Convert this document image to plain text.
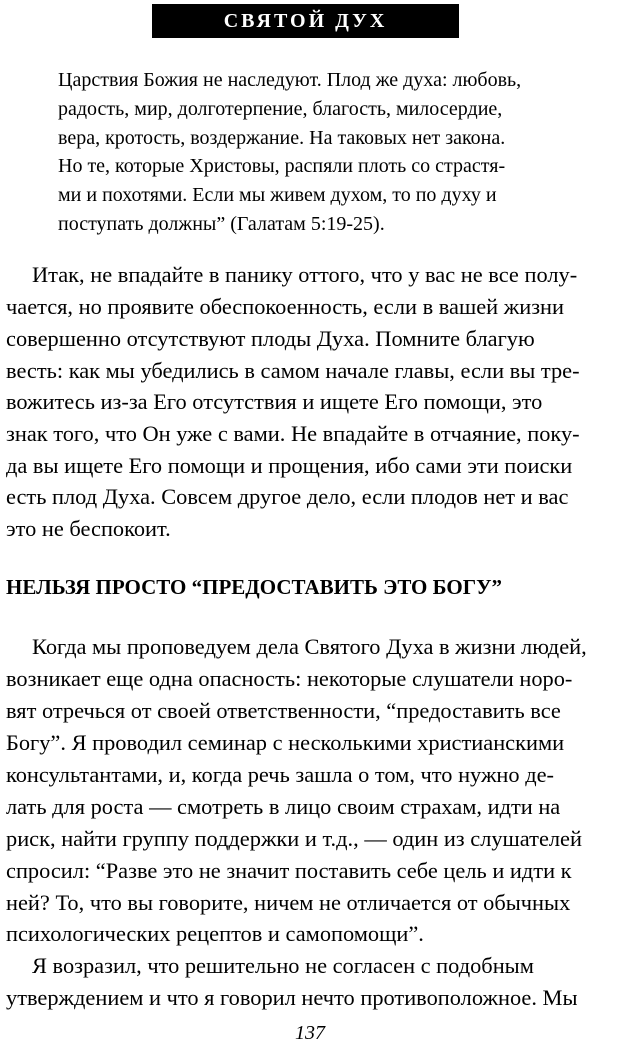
СВЯТОЙ ДУХ
Царствия Божия не наследуют. Плод же духа: любовь,
радость, мир, долготерпение, благость, милосердие,
вера, кротость, воздержание. На таковых нет закона.
Но те, которые Христовы, распяли плоть со страстя-
ми и похотями. Если мы живем духом, то по духу и
поступать должны” (Галатам 5:19-25).
Итак, не впадайте в панику оттого, что у вас не все полу-
чается, но проявите обеспокоенность, если в вашей жизни
совершенно отсутствуют плоды Духа. Помните благую
весть: как мы убедились в самом начале главы, если вы тре-
вожитесь из-за Его отсутствия и ищете Его помощи, это
знак того, что Он уже с вами. Не впадайте в отчаяние, поку-
да вы ищете Его помощи и прощения, ибо сами эти поиски
есть плод Духа. Совсем другое дело, если плодов нет и вас
это не беспокоит.
НЕЛЬЗЯ ПРОСТО “ПРЕДОСТАВИТЬ ЭТО БОГУ”
Когда мы проповедуем дела Святого Духа в жизни людей,
возникает еще одна опасность: некоторые слушатели норо-
вят отречься от своей ответственности, “предоставить все
Богу”. Я проводил семинар с несколькими христианскими
консультантами, и, когда речь зашла о том, что нужно де-
лать для роста — смотреть в лицо своим страхам, идти на
риск, найти группу поддержки и т.д., — один из слушателей
спросил: “Разве это не значит поставить себе цель и идти к
ней? То, что вы говорите, ничем не отличается от обычных
психологических рецептов и самопомощи”.
Я возразил, что решительно не согласен с подобным
утверждением и что я говорил нечто противоположное. Мы
137
